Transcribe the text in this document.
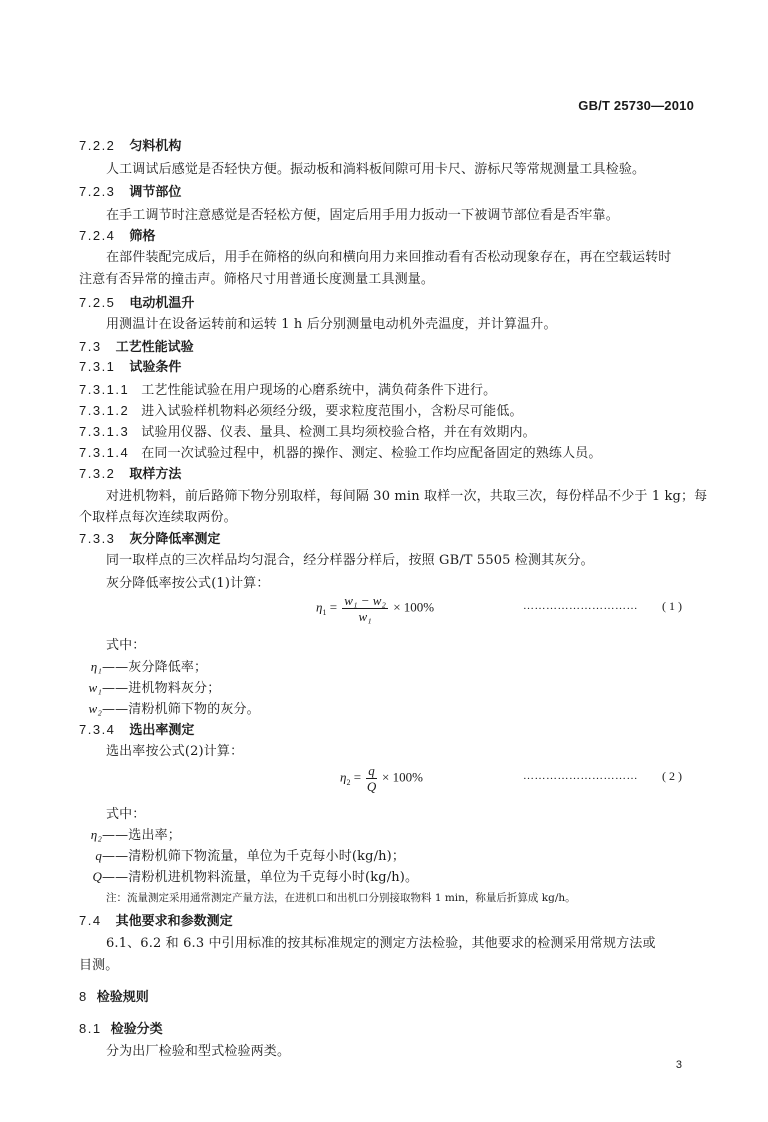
GB/T 25730—2010
7.2.2 匀料机构
人工调试后感觉是否轻快方便。振动板和淌料板间隙可用卡尺、游标尺等常规测量工具检验。
7.2.3 调节部位
在手工调节时注意感觉是否轻松方便，固定后用手用力扳动一下被调节部位看是否牢靠。
7.2.4 筛格
在部件装配完成后，用手在筛格的纵向和横向用力来回推动看有否松动现象存在，再在空载运转时
注意有否异常的撞击声。筛格尺寸用普通长度测量工具测量。
7.2.5 电动机温升
用测温计在设备运转前和运转 1 h 后分别测量电动机外壳温度，并计算温升。
7.3 工艺性能试验
7.3.1 试验条件
7.3.1.1 工艺性能试验在用户现场的心磨系统中，满负荷条件下进行。
7.3.1.2 进入试验样机物料必须经分级，要求粒度范围小，含粉尽可能低。
7.3.1.3 试验用仪器、仪表、量具、检测工具均须校验合格，并在有效期内。
7.3.1.4 在同一次试验过程中，机器的操作、测定、检验工作均应配备固定的熟练人员。
7.3.2 取样方法
对进机物料，前后路筛下物分别取样，每间隔 30 min 取样一次，共取三次，每份样品不少于 1 kg；每
个取样点每次连续取两份。
7.3.3 灰分降低率测定
同一取样点的三次样品均匀混合，经分样器分样后，按照 GB/T 5505 检测其灰分。
灰分降低率按公式(1)计算：
$\eta_1 = \frac{\text{w₁ − w₂}}{\text{w₁}} \times 100\%$	………………………… ( 1 )
式中：
η₁——灰分降低率；
w₁——进机物料灰分；
w₂——清粉机筛下物的灰分。
7.3.4 选出率测定
选出率按公式(2)计算：
$\eta_2 = \frac{q}{Q} \times 100\%$	………………………… ( 2 )
式中：
η₂——选出率；
q——清粉机筛下物流量，单位为千克每小时(kg/h)；
Q——清粉机进机物料流量，单位为千克每小时(kg/h)。
注：流量测定采用通常测定产量方法，在进机口和出机口分别接取物料 1 min，称量后折算成 kg/h。
7.4 其他要求和参数测定
6.1、6.2 和 6.3 中引用标准的按其标准规定的测定方法检验，其他要求的检测采用常规方法或
目测。
8 检验规则
8.1 检验分类
分为出厂检验和型式检验两类。
3
